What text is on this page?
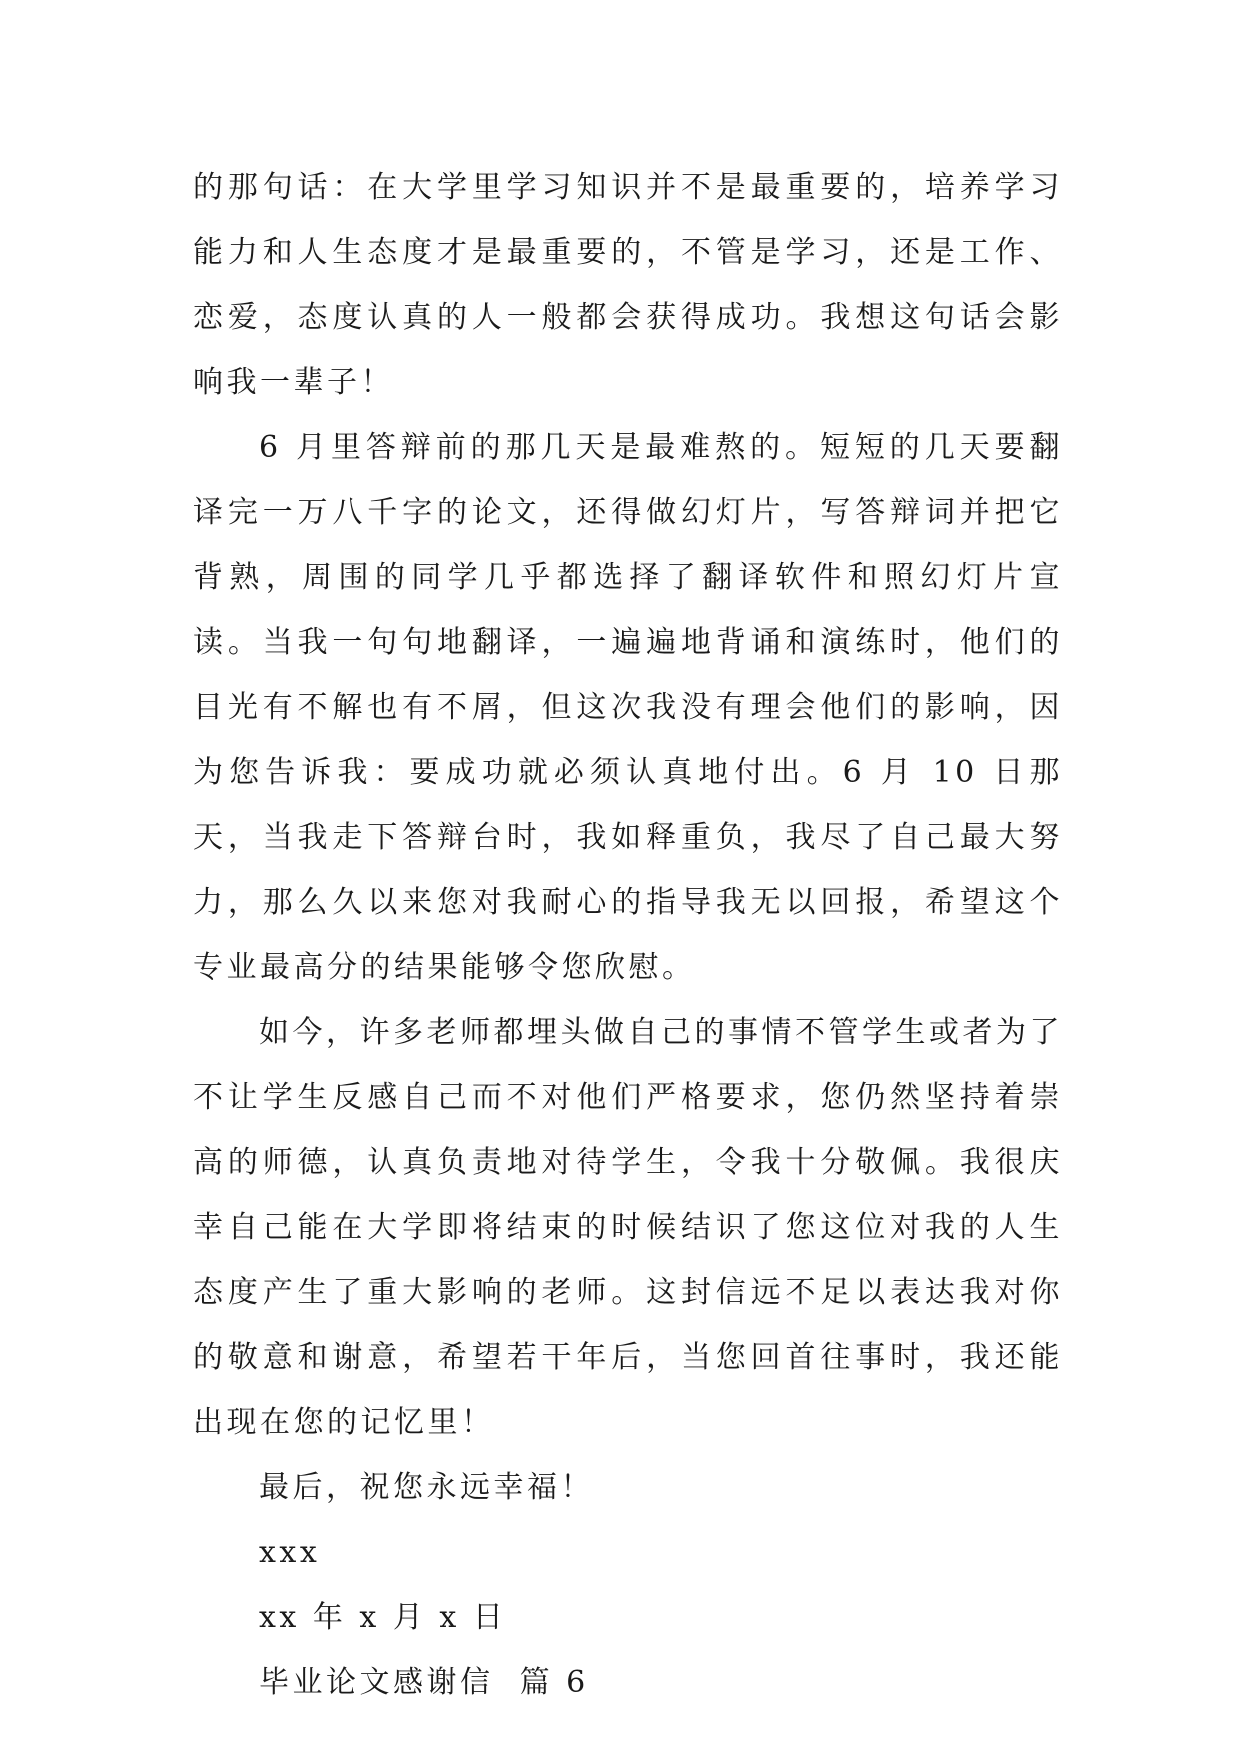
的那句话：在大学里学习知识并不是最重要的，培养学习能力和人生态度才是最重要的，不管是学习，还是工作、恋爱，态度认真的人一般都会获得成功。我想这句话会影响我一辈子！

6 月里答辩前的那几天是最难熬的。短短的几天要翻译完一万八千字的论文，还得做幻灯片，写答辩词并把它背熟，周围的同学几乎都选择了翻译软件和照幻灯片宣读。当我一句句地翻译，一遍遍地背诵和演练时，他们的目光有不解也有不屑，但这次我没有理会他们的影响，因为您告诉我：要成功就必须认真地付出。6 月 10 日那天，当我走下答辩台时，我如释重负，我尽了自己最大努力，那么久以来您对我耐心的指导我无以回报，希望这个专业最高分的结果能够令您欣慰。

如今，许多老师都埋头做自己的事情不管学生或者为了不让学生反感自己而不对他们严格要求，您仍然坚持着崇高的师德，认真负责地对待学生，令我十分敬佩。我很庆幸自己能在大学即将结束的时候结识了您这位对我的人生态度产生了重大影响的老师。这封信远不足以表达我对你的敬意和谢意，希望若干年后，当您回首往事时，我还能出现在您的记忆里！

最后，祝您永远幸福！

xxx

xx 年 x 月 x 日

毕业论文感谢信  篇 6
